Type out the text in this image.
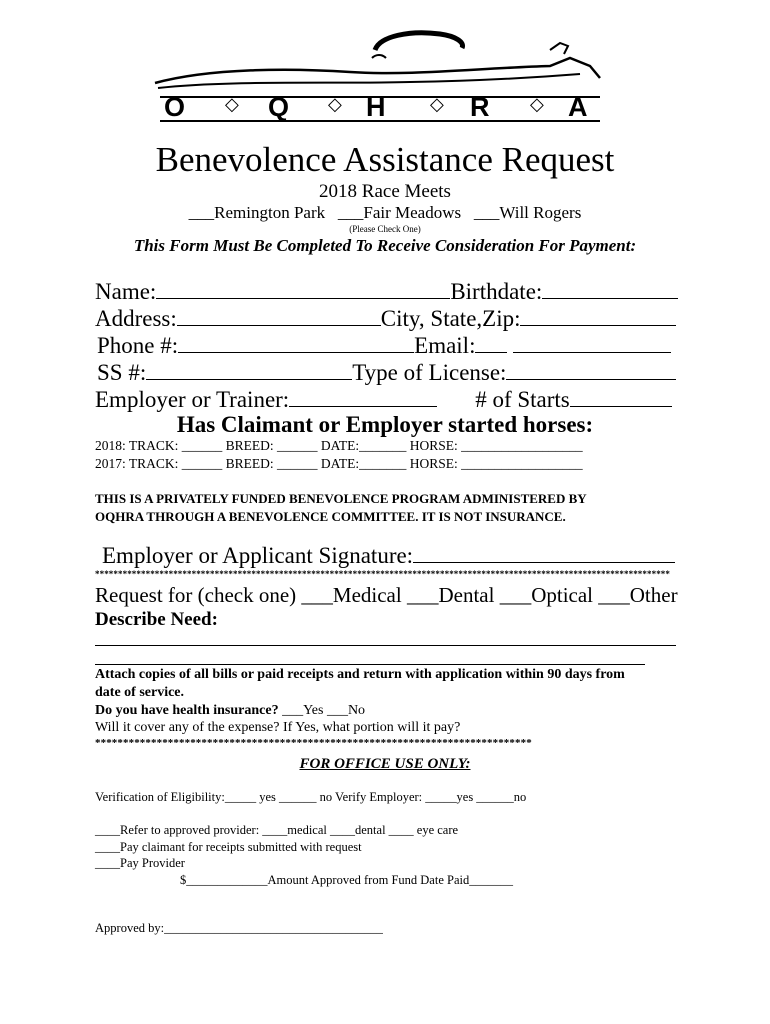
O ◇ Q ◇ H ◇ R ◇ A
Benevolence Assistance Request
2018 Race Meets
___Remington Park ___Fair Meadows ___Will Rogers
(Please Check One)
This Form Must Be Completed To Receive Consideration For Payment:
Name:	Birthdate:
Address:	City, State,Zip:
Phone #:	Email:
SS #:	Type of License:
Employer or Trainer:	# of Starts
Has Claimant or Employer started horses:
2018: TRACK: ______ BREED: ______ DATE:_______ HORSE: __________________
2017: TRACK: ______ BREED: ______ DATE:_______ HORSE: __________________
THIS IS A PRIVATELY FUNDED BENEVOLENCE PROGRAM ADMINISTERED BY
OQHRA THROUGH A BENEVOLENCE COMMITTEE. IT IS NOT INSURANCE.
Employer or Applicant Signature:
*****************************************************************************************************************************
Request for (check one) ___Medical ___Dental ___Optical ___Other
Describe Need:
Attach copies of all bills or paid receipts and return with application within 90 days from
date of service.
Do you have health insurance? ___Yes ___No
Will it cover any of the expense? If Yes, what portion will it pay?
******************************************************************************
FOR OFFICE USE ONLY:
Verification of Eligibility:_____ yes ______ no Verify Employer: _____yes ______no
____Refer to approved provider: ____medical ____dental ____ eye care
____Pay claimant for receipts submitted with request
____Pay Provider
$_____________Amount Approved from Fund Date Paid_______
Approved by:___________________________________
